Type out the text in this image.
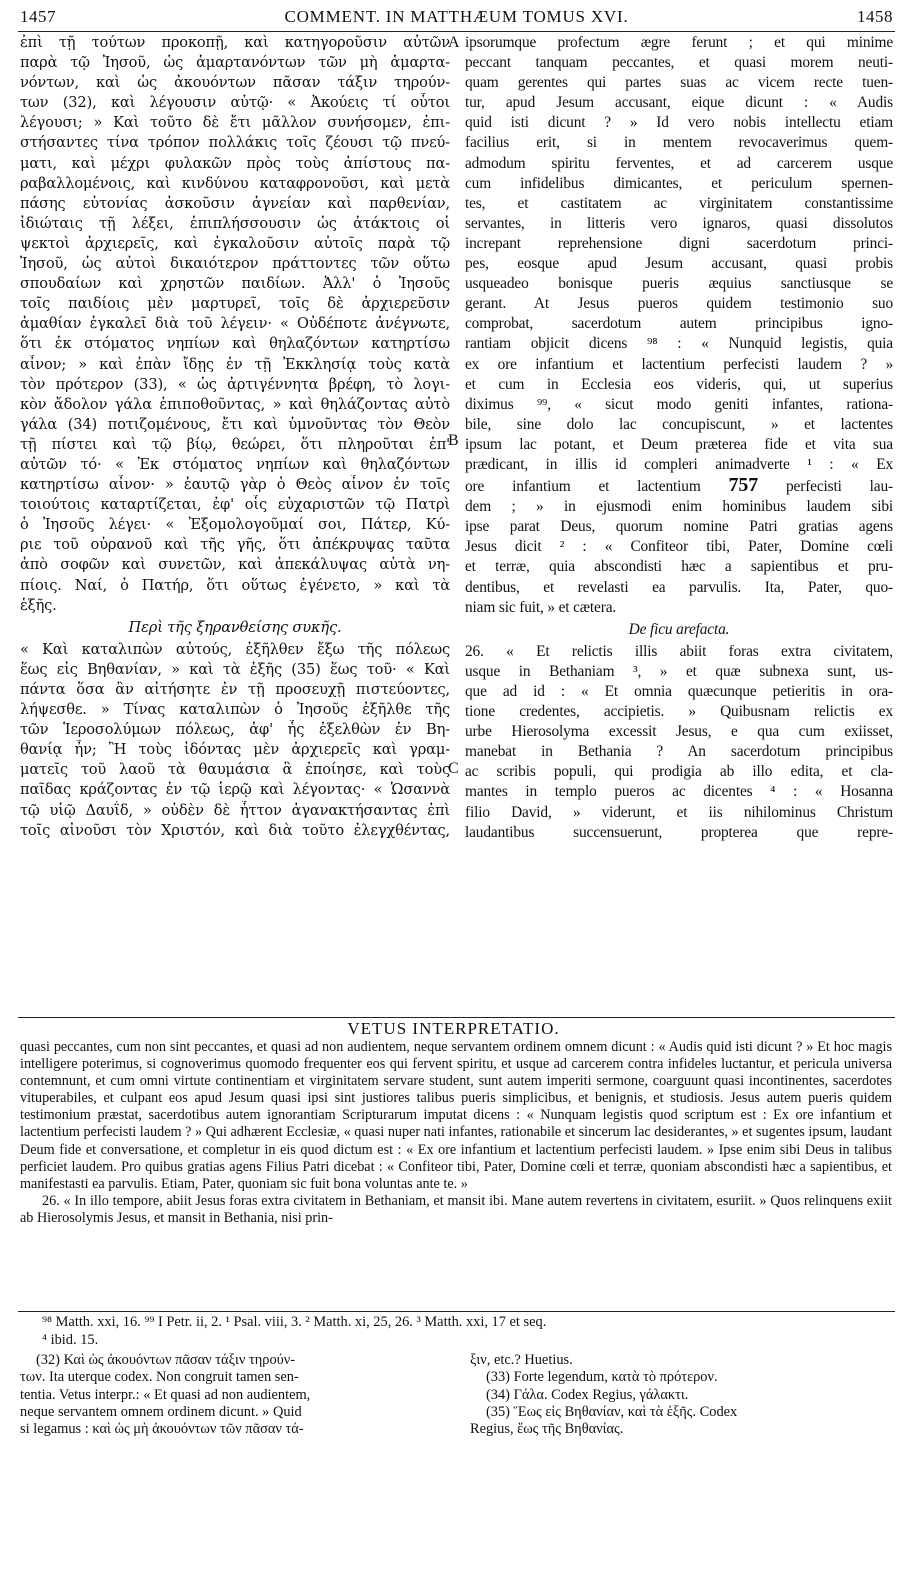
1457	COMMENT. IN MATTHÆUM TOMUS XVI.	1458
A
B
C
ἐπὶ τῇ τούτων προκοπῇ, καὶ κατηγοροῦσιν αὐτῶν
παρὰ τῷ Ἰησοῦ, ὡς ἁμαρτανόντων τῶν μὴ ἁμαρτα-
νόντων, καὶ ὡς ἀκουόντων πᾶσαν τάξιν τηρούν-
των (32), καὶ λέγουσιν αὐτῷ· « Ἀκούεις τί οὗτοι
λέγουσι; » Καὶ τοῦτο δὲ ἔτι μᾶλλον συνήσομεν, ἐπι-
στήσαντες τίνα τρόπον πολλάκις τοῖς ζέουσι τῷ πνεύ-
ματι, καὶ μέχρι φυλακῶν πρὸς τοὺς ἀπίστους πα-
ραβαλλομένοις, καὶ κινδύνου καταφρονοῦσι, καὶ μετὰ
πάσης εὐτονίας ἀσκοῦσιν ἁγνείαν καὶ παρθενίαν,
ἰδιώταις τῇ λέξει, ἐπιπλήσσουσιν ὡς ἀτάκτοις οἱ
ψεκτοὶ ἀρχιερεῖς, καὶ ἐγκαλοῦσιν αὐτοῖς παρὰ τῷ
Ἰησοῦ, ὡς αὐτοὶ δικαιότερον πράττοντες τῶν οὕτω
σπουδαίων καὶ χρηστῶν παιδίων. Ἀλλ' ὁ Ἰησοῦς
τοῖς παιδίοις μὲν μαρτυρεῖ, τοῖς δὲ ἀρχιερεῦσιν
ἀμαθίαν ἐγκαλεῖ διὰ τοῦ λέγειν· « Οὐδέποτε ἀνέγνωτε,
ὅτι ἐκ στόματος νηπίων καὶ θηλαζόντων κατηρτίσω
αἶνον; » καὶ ἐπὰν ἴδῃς ἐν τῇ Ἐκκλησίᾳ τοὺς κατὰ
τὸν πρότερον (33), « ὡς ἀρτιγέννητα βρέφη, τὸ λογι-
κὸν ἄδολον γάλα ἐπιποθοῦντας, » καὶ θηλάζοντας αὐτὸ
γάλα (34) ποτιζομένους, ἔτι καὶ ὑμνοῦντας τὸν Θεὸν
τῇ πίστει καὶ τῷ βίῳ, θεώρει, ὅτι πληροῦται ἐπ'
αὐτῶν τό· « Ἐκ στόματος νηπίων καὶ θηλαζόντων
κατηρτίσω αἶνον· » ἑαυτῷ γὰρ ὁ Θεὸς αἶνον ἐν τοῖς
τοιούτοις καταρτίζεται, ἐφ' οἷς εὐχαριστῶν τῷ Πατρὶ
ὁ Ἰησοῦς λέγει· « Ἐξομολογοῦμαί σοι, Πάτερ, Κύ-
ριε τοῦ οὐρανοῦ καὶ τῆς γῆς, ὅτι ἀπέκρυψας ταῦτα
ἀπὸ σοφῶν καὶ συνετῶν, καὶ ἀπεκάλυψας αὐτὰ νη-
πίοις. Ναί, ὁ Πατήρ, ὅτι οὕτως ἐγένετο, » καὶ τὰ
ἑξῆς.
Περὶ τῆς ξηρανθείσης συκῆς.
« Καὶ καταλιπὼν αὐτούς, ἐξῆλθεν ἔξω τῆς πόλεως
ἕως εἰς Βηθανίαν, » καὶ τὰ ἑξῆς (35) ἕως τοῦ· « Καὶ
πάντα ὅσα ἂν αἰτήσητε ἐν τῇ προσευχῇ πιστεύοντες,
λήψεσθε. » Τίνας καταλιπὼν ὁ Ἰησοῦς ἐξῆλθε τῆς
τῶν Ἱεροσολύμων πόλεως, ἀφ' ἧς ἐξελθὼν ἐν Βη-
θανίᾳ ἦν; Ἢ τοὺς ἰδόντας μὲν ἀρχιερεῖς καὶ γραμ-
ματεῖς τοῦ λαοῦ τὰ θαυμάσια ἃ ἐποίησε, καὶ τοὺς
παῖδας κράζοντας ἐν τῷ ἱερῷ καὶ λέγοντας· « Ὡσαννὰ
τῷ υἱῷ Δαυΐδ, » οὐδὲν δὲ ἧττον ἀγανακτήσαντας ἐπὶ
τοῖς αἰνοῦσι τὸν Χριστόν, καὶ διὰ τοῦτο ἐλεγχθέντας,
ipsorumque profectum ægre ferunt ; et qui minime
peccant tanquam peccantes, et quasi morem neuti-
quam gerentes qui partes suas ac vicem recte tuen-
tur, apud Jesum accusant, eique dicunt : « Audis
quid isti dicunt ? » Id vero nobis intellectu etiam
facilius erit, si in mentem revocaverimus quem-
admodum spiritu ferventes, et ad carcerem usque
cum infidelibus dimicantes, et periculum spernen-
tes, et castitatem ac virginitatem constantissime
servantes, in litteris vero ignaros, quasi dissolutos
increpant reprehensione digni sacerdotum princi-
pes, eosque apud Jesum accusant, quasi probis
usqueadeo bonisque pueris æquius sanctiusque se
gerant. At Jesus pueros quidem testimonio suo
comprobat, sacerdotum autem principibus igno-
rantiam objicit dicens ⁹⁸ : « Nunquid legistis, quia
ex ore infantium et lactentium perfecisti laudem ? »
et cum in Ecclesia eos videris, qui, ut superius
diximus ⁹⁹, « sicut modo geniti infantes, rationa-
bile, sine dolo lac concupiscunt, » et lactentes
ipsum lac potant, et Deum præterea fide et vita sua
prædicant, in illis id compleri animadverte ¹ : « Ex
ore infantium et lactentium 757 perfecisti lau-
dem ; » in ejusmodi enim hominibus laudem sibi
ipse parat Deus, quorum nomine Patri gratias agens
Jesus dicit ² : « Confiteor tibi, Pater, Domine cœli
et terræ, quia abscondisti hæc a sapientibus et pru-
dentibus, et revelasti ea parvulis. Ita, Pater, quo-
niam sic fuit, » et cætera.
De ficu arefacta.
26. « Et relictis illis abiit foras extra civitatem,
usque in Bethaniam ³, » et quæ subnexa sunt, us-
que ad id : « Et omnia quæcunque petieritis in ora-
tione credentes, accipietis. » Quibusnam relictis ex
urbe Hierosolyma excessit Jesus, e qua cum exiisset,
manebat in Bethania ? An sacerdotum principibus
ac scribis populi, qui prodigia ab illo edita, et cla-
mantes in templo pueros ac dicentes ⁴ : « Hosanna
filio David, » viderunt, et iis nihilominus Christum
laudantibus succensuerunt, propterea que repre-
VETUS INTERPRETATIO.

quasi peccantes, cum non sint peccantes, et quasi ad non audientem, neque servantem ordinem omnem dicunt : « Audis quid isti dicunt ? » Et hoc magis intelligere poterimus, si cognoverimus quomodo frequenter eos qui fervent spiritu, et usque ad carcerem contra infideles luctantur, et pericula universa contemnunt, et cum omni virtute continentiam et virginitatem servare student, sunt autem imperiti sermone, coarguunt quasi incontinentes, sacerdotes vituperabiles, et culpant eos apud Jesum quasi ipsi sint justiores talibus pueris simplicibus, et benignis, et studiosis. Jesus autem pueris quidem testimonium præstat, sacerdotibus autem ignorantiam Scripturarum imputat dicens : « Nunquam legistis quod scriptum est : Ex ore infantium et lactentium perfecisti laudem ? » Qui adhærent Ecclesiæ, « quasi nuper nati infantes, rationabile et sincerum lac desiderantes, » et sugentes ipsum, laudant Deum fide et conversatione, et completur in eis quod dictum est : « Ex ore infantium et lactentium perfecisti laudem. » Ipse enim sibi Deus in talibus perficiet laudem. Pro quibus gratias agens Filius Patri dicebat : « Confiteor tibi, Pater, Domine cœli et terræ, quoniam abscondisti hæc a sapientibus, et manifestasti ea parvulis. Etiam, Pater, quoniam sic fuit bona voluntas ante te. »

26. « In illo tempore, abiit Jesus foras extra civitatem in Bethaniam, et mansit ibi. Mane autem revertens in civitatem, esuriit. » Quos relinquens exiit ab Hierosolymis Jesus, et mansit in Bethania, nisi prin-

⁹⁸ Matth. xxi, 16. ⁹⁹ I Petr. ii, 2. ¹ Psal. viii, 3. ² Matth. xi, 25, 26. ³ Matth. xxi, 17 et seq.

⁴ ibid. 15.

(32) Καὶ ὡς ἀκουόντων πᾶσαν τάξιν τηρούν-

των. Ita uterque codex. Non congruit tamen sen-

tentia. Vetus interpr.: « Et quasi ad non audientem,

neque servantem omnem ordinem dicunt. » Quid

si legamus : καὶ ὡς μὴ ἀκουόντων τῶν πᾶσαν τά-

ξιν, etc.? Huetius.

(33) Forte legendum, κατὰ τὸ πρότερον.

(34) Γάλα. Codex Regius, γάλακτι.

(35) Ἕως εἰς Βηθανίαν, καὶ τὰ ἑξῆς. Codex

Regius, ἕως τῆς Βηθανίας.
